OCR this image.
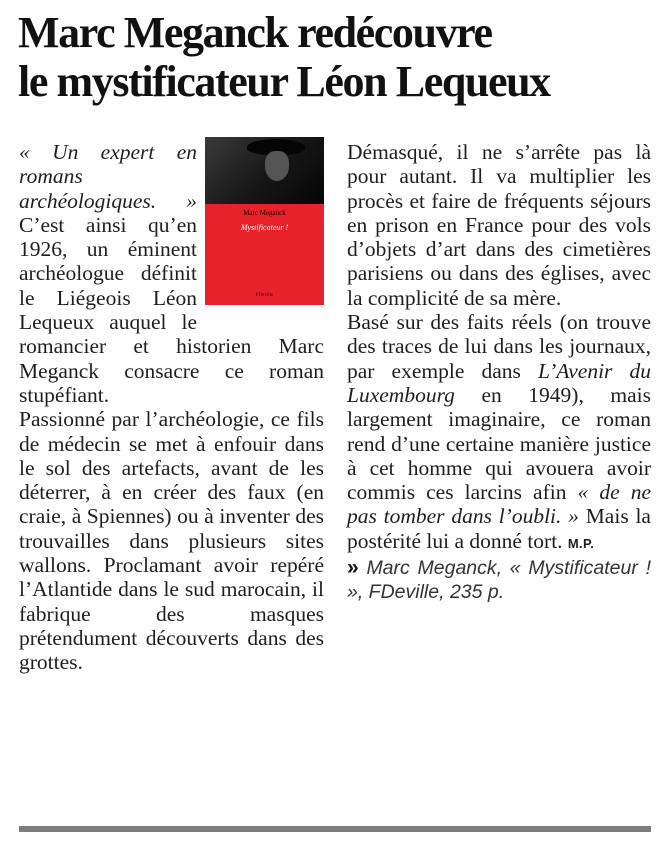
Marc Meganck redécouvre
le mystificateur Léon Lequeux
Marc Meganck
Mystificateur !
FDeville

« Un expert en romans archéologiques. » C’est ainsi qu’en 1926, un éminent archéologue définit le Liégeois Léon Lequeux auquel le romancier et historien Marc Meganck consacre ce roman stupéfiant.

Passionné par l’archéologie, ce fils de médecin se met à enfouir dans le sol des artefacts, avant de les déterrer, à en créer des faux (en craie, à Spiennes) ou à inventer des trouvailles dans plusieurs sites wallons. Proclamant avoir repéré l’Atlantide dans le sud marocain, il fabrique des masques prétendument découverts dans des grottes.

Démasqué, il ne s’arrête pas là pour autant. Il va multiplier les procès et faire de fréquents séjours en prison en France pour des vols d’objets d’art dans des cimetières parisiens ou dans des églises, avec la complicité de sa mère.

Basé sur des faits réels (on trouve des traces de lui dans les journaux, par exemple dans L’Avenir du Luxembourg en 1949), mais largement imaginaire, ce roman rend d’une certaine manière justice à cet homme qui avouera avoir commis ces larcins afin « de ne pas tomber dans l’oubli. » Mais la postérité lui a donné tort. M.P.

» Marc Meganck, « Mystificateur ! », FDeville, 235 p.
